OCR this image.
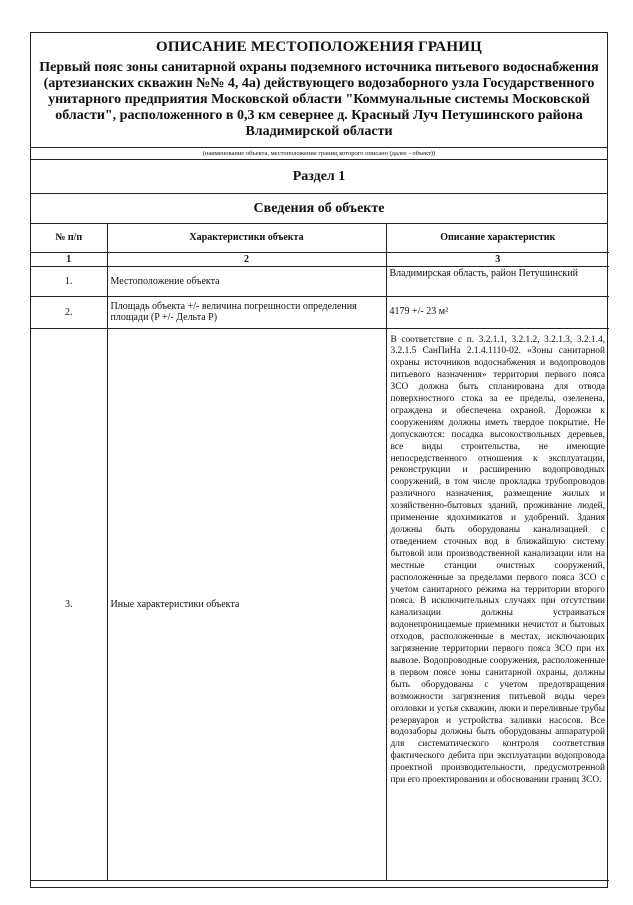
ОПИСАНИЕ МЕСТОПОЛОЖЕНИЯ ГРАНИЦ
Первый пояс зоны санитарной охраны подземного источника питьевого водоснабжения (артезианских скважин №№ 4, 4а) действующего водозаборного узла Государственного унитарного предприятия Московской области "Коммунальные системы Московской области", расположенного в 0,3 км севернее д. Красный Луч Петушинского района Владимирской области
(наименование объекта, местоположение границ которого описано (далее - объект))
Раздел 1
Сведения об объекте
№ п/п	Характеристики объекта	Описание характеристик
1	2	3
1.	Местоположение объекта	Владимирская область, район Петушинский
2.	Площадь объекта +/- величина погрешности определения площади (P +/- Дельта P)	4179 +/- 23 м²
3.	Иные характеристики объекта	В соответствие с п. 3.2.1.1, 3.2.1.2, 3.2.1.3, 3.2.1.4, 3.2.1.5 СанПиНа 2.1.4.1110-02. «Зоны санитарной охраны источников водоснабжения и водопроводов питьевого назначения» территория первого пояса ЗСО должна быть спланирована для отвода поверхностного стока за ее пределы, озеленена, ограждена и обеспечена охраной. Дорожки к сооружениям должны иметь твердое покрытие. Не допускаются: посадка высокоствольных деревьев, все виды строительства, не имеющие непосредственного отношения к эксплуатации, реконструкции и расширению водопроводных сооружений, в том числе прокладка трубопроводов различного назначения, размещение жилых и хозяйственно-бытовых зданий, проживание людей, применение ядохимикатов и удобрений. Здания должны быть оборудованы канализацией с отведением сточных вод в ближайшую систему бытовой или производственной канализации или на местные станции очистных сооружений, расположенные за пределами первого пояса ЗСО с учетом санитарного режима на территории второго пояса. В исключительных случаях при отсутствии канализации должны устраиваться водонепроницаемые приемники нечистот и бытовых отходов, расположенные в местах, исключающих загрязнение территории первого пояса ЗСО при их вывозе. Водопроводные сооружения, расположенные в первом поясе зоны санитарной охраны, должны быть оборудованы с учетом предотвращения возможности загрязнения питьевой воды через оголовки и устья скважин, люки и переливные трубы резервуаров и устройства заливки насосов. Все водозаборы должны быть оборудованы аппаратурой для систематического контроля соответствия фактического дебита при эксплуатации водопровода проектной производительности, предусмотренной при его проектировании и обосновании границ ЗСО.
